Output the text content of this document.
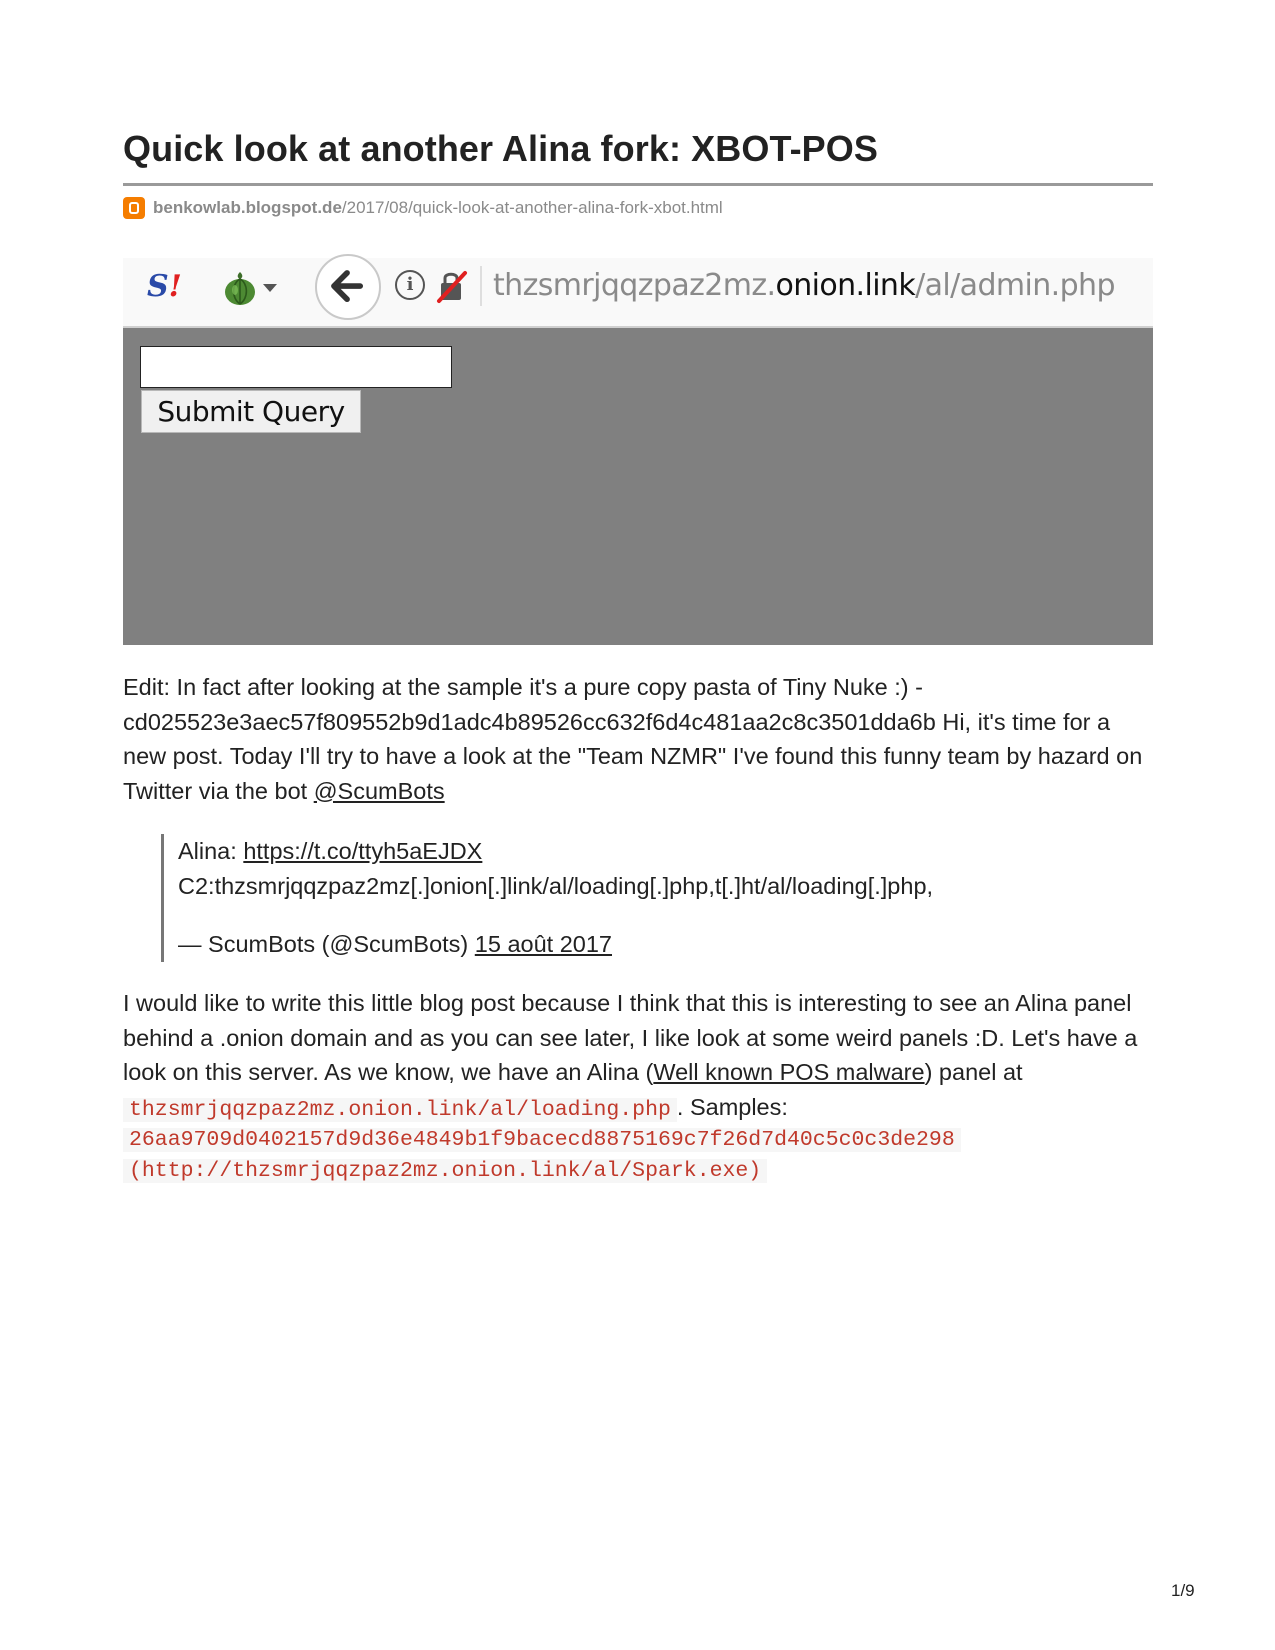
Quick look at another Alina fork: XBOT-POS
benkowlab.blogspot.de /2017/08/quick-look-at-another-alina-fork-xbot.html
S!	i	thzsmrjqqzpaz2mz.onion.link/al/admin.php
Submit Query

Edit: In fact after looking at the sample it's a pure copy pasta of Tiny Nuke :) - cd025523e3aec57f809552b9d1adc4b89526cc632f6d4c481aa2c8c3501dda6b Hi, it's time for a new post. Today I'll try to have a look at the "Team NZMR" I've found this funny team by hazard on Twitter via the bot @ScumBots

Alina: https://t.co/ttyh5aEJDX

C2:thzsmrjqqzpaz2mz[.]onion[.]link/al/loading[.]php,t[.]ht/al/loading[.]php,

— ScumBots (@ScumBots) 15 août 2017

I would like to write this little blog post because I think that this is interesting to see an Alina panel behind a .onion domain and as you can see later, I like look at some weird panels :D. Let's have a look on this server. As we know, we have an Alina (Well known POS malware) panel at thzsmrjqqzpaz2mz.onion.link/al/loading.php . Samples:

26aa9709d0402157d9d36e4849b1f9bacecd8875169c7f26d7d40c5c0c3de298
(http://thzsmrjqqzpaz2mz.onion.link/al/Spark.exe)
1/9
